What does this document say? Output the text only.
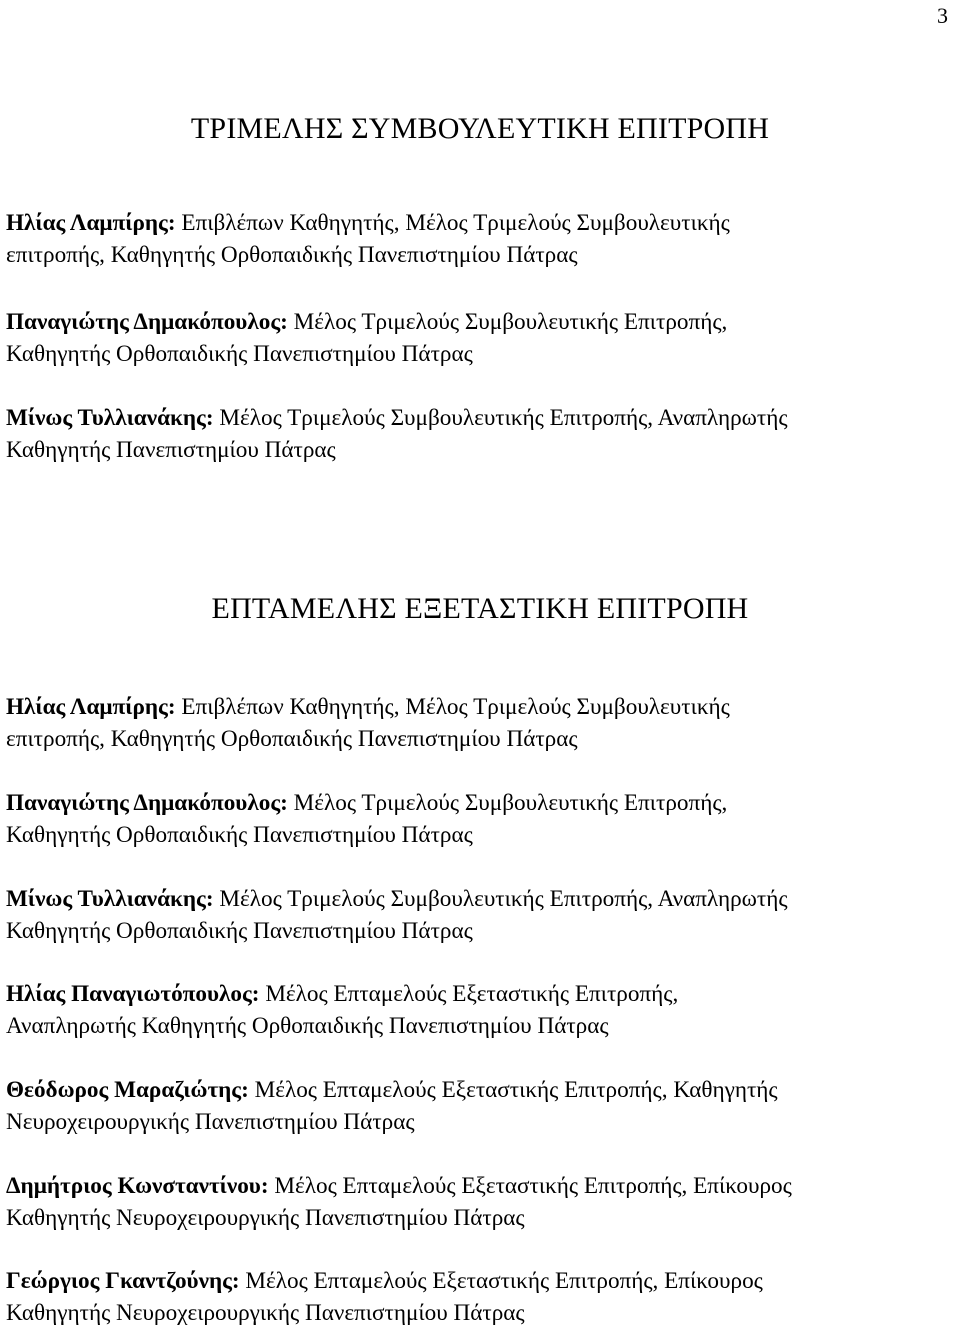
3
ΤΡΙΜΕΛΗΣ ΣΥΜΒΟΥΛΕΥΤΙΚΗ ΕΠΙΤΡΟΠΗ
Ηλίας Λαμπίρης: Επιβλέπων Καθηγητής, Μέλος Τριμελούς Συμβουλευτικής
επιτροπής, Καθηγητής Ορθοπαιδικής Πανεπιστημίου Πάτρας
Παναγιώτης Δημακόπουλος: Μέλος Τριμελούς Συμβουλευτικής Επιτροπής,
Καθηγητής Ορθοπαιδικής Πανεπιστημίου Πάτρας
Μίνως Τυλλιανάκης: Μέλος Τριμελούς Συμβουλευτικής Επιτροπής, Αναπληρωτής
Καθηγητής Πανεπιστημίου Πάτρας
ΕΠΤΑΜΕΛΗΣ ΕΞΕΤΑΣΤΙΚΗ ΕΠΙΤΡΟΠΗ
Ηλίας Λαμπίρης: Επιβλέπων Καθηγητής, Μέλος Τριμελούς Συμβουλευτικής
επιτροπής, Καθηγητής Ορθοπαιδικής Πανεπιστημίου Πάτρας
Παναγιώτης Δημακόπουλος: Μέλος Τριμελούς Συμβουλευτικής Επιτροπής,
Καθηγητής Ορθοπαιδικής Πανεπιστημίου Πάτρας
Μίνως Τυλλιανάκης: Μέλος Τριμελούς Συμβουλευτικής Επιτροπής, Αναπληρωτής
Καθηγητής Ορθοπαιδικής Πανεπιστημίου Πάτρας
Ηλίας Παναγιωτόπουλος: Μέλος Επταμελούς Εξεταστικής Επιτροπής,
Αναπληρωτής Καθηγητής Ορθοπαιδικής Πανεπιστημίου Πάτρας
Θεόδωρος Μαραζιώτης: Μέλος Επταμελούς Εξεταστικής Επιτροπής, Καθηγητής
Νευροχειρουργικής Πανεπιστημίου Πάτρας
Δημήτριος Κωνσταντίνου: Μέλος Επταμελούς Εξεταστικής Επιτροπής, Επίκουρος
Καθηγητής Νευροχειρουργικής Πανεπιστημίου Πάτρας
Γεώργιος Γκαντζούνης: Μέλος Επταμελούς Εξεταστικής Επιτροπής, Επίκουρος
Καθηγητής Νευροχειρουργικής Πανεπιστημίου Πάτρας
